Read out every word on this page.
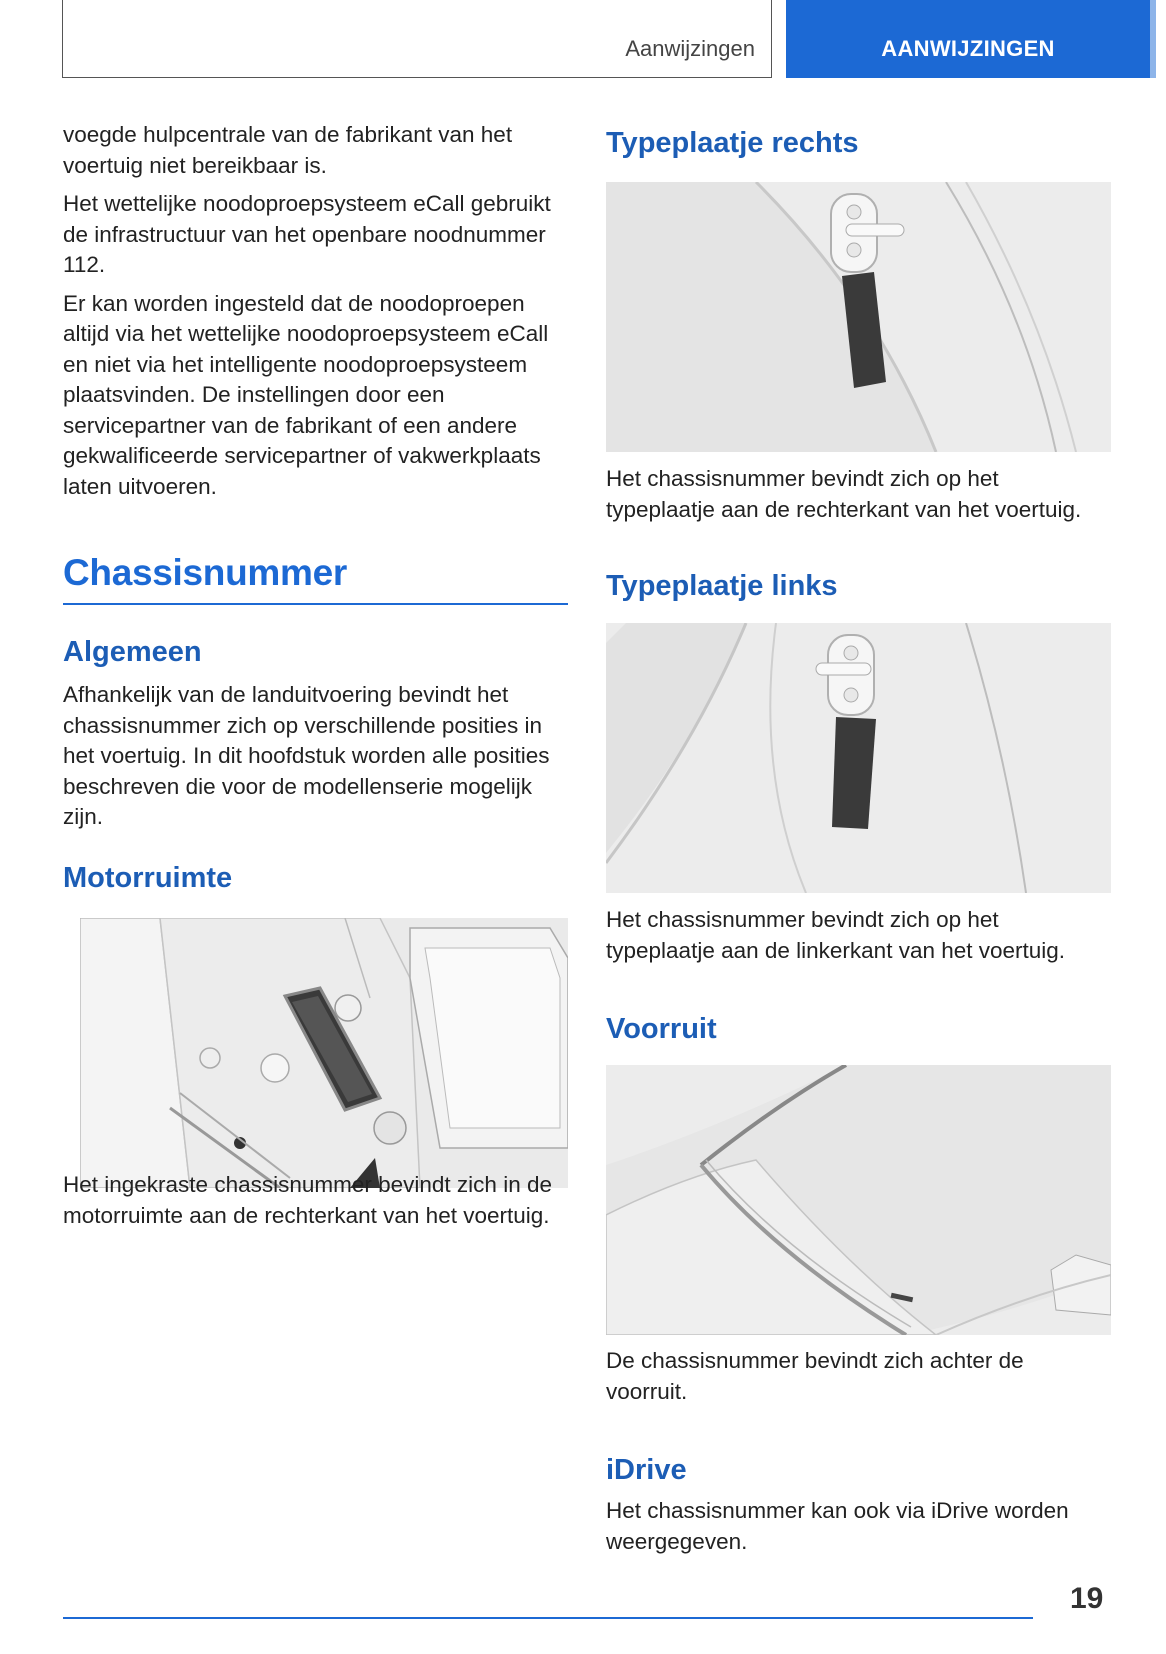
Aanwijzingen	AANWIJZINGEN

voegde hulpcentrale van de fabrikant van het voertuig niet bereikbaar is.

Het wettelijke noodoproepsysteem eCall gebruikt de infrastructuur van het openbare noodnummer 112.

Er kan worden ingesteld dat de noodoproepen altijd via het wettelijke noodoproepsysteem eCall en niet via het intelligente noodoproepsysteem plaatsvinden. De instellingen door een servicepartner van de fabrikant of een andere gekwalificeerde servicepartner of vakwerkplaats laten uitvoeren.

Chassisnummer
Algemeen

Afhankelijk van de landuitvoering bevindt het chassisnummer zich op verschillende posities in het voertuig. In dit hoofdstuk worden alle posities beschreven die voor de modellenserie mogelijk zijn.

Motorruimte

Het ingekraste chassisnummer bevindt zich in de motorruimte aan de rechterkant van het voertuig.

Typeplaatje rechts

Het chassisnummer bevindt zich op het typeplaatje aan de rechterkant van het voertuig.

Typeplaatje links

Het chassisnummer bevindt zich op het typeplaatje aan de linkerkant van het voertuig.

Voorruit

De chassisnummer bevindt zich achter de voorruit.

iDrive

Het chassisnummer kan ook via iDrive worden weergegeven.

19
